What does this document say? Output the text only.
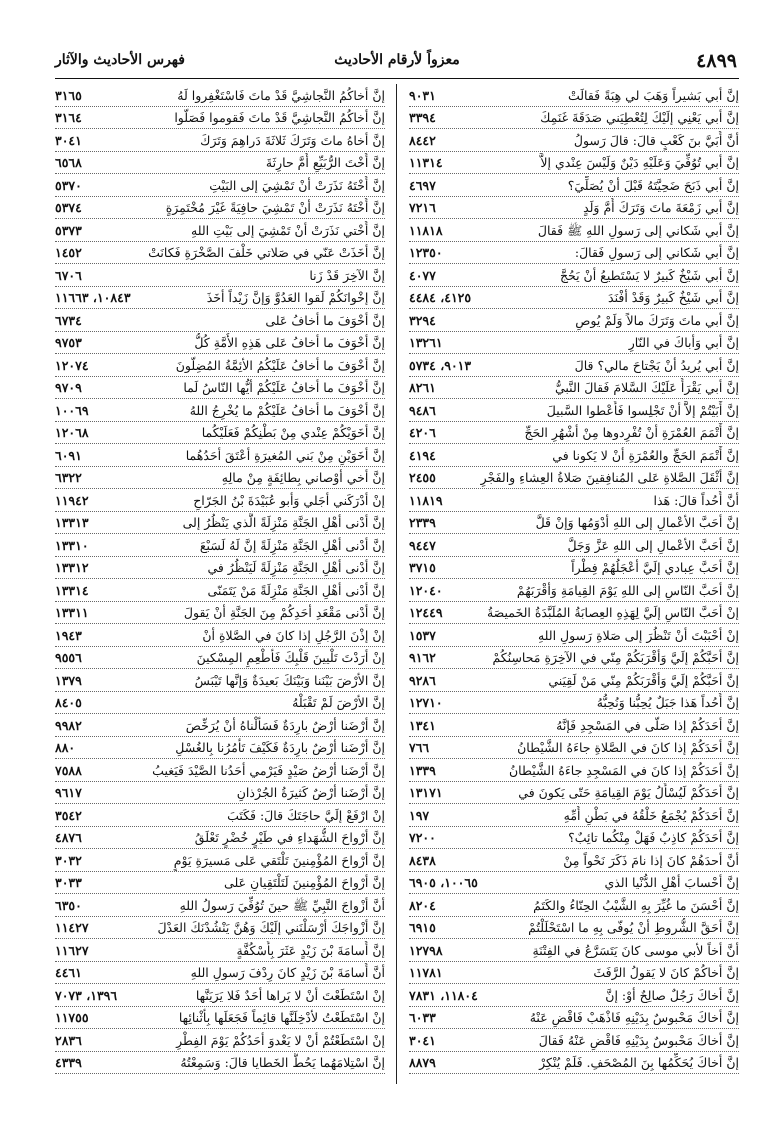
٤٨٩٩
معزواً لأرقام الأحاديث
فهرس الأحاديث والآثار
إنَّ أبي بَشيراً وَهَبَ لي هِبَةً فَقالَتْ
٩٠٣١
إنَّ أبي يَعْنِي إلَيْكَ لِتُعْطِيَني صَدَقَةَ غَنَمِكَ
٣٣٩٤
أنَّ أُبَيَّ بنَ كَعْبٍ قالَ: قالَ رَسولُ
٨٤٤٢
إنَّ أبي تُوُفِّيَ وَعَلَيْهِ دَيْنٌ وَلَيْسَ عِنْدي إلاَّ
١١٣١٤
إنَّ أبي ذَبَحَ ضَحِيَّتَهُ قَبْلَ أنْ يُصَلِّيَ؟
٤٦٩٧
إنَّ أبي زَمْعَةَ ماتَ وَتَرَكَ أُمَّ وَلَدٍ
٧٢١٦
إنَّ أبي شَكاني إلى رَسولِ اللهِ ﷺ فَقالَ
١١٨١٨
إنَّ أبي شَكاني إلى رَسولِ فَقالَ:
١٢٣٥٠
إنَّ أبي شَيْخٌ كَبيرٌ لا يَسْتَطيعُ أنْ يَحُجَّ
٤٠٧٧
إنَّ أبي شَيْخٌ كَبيرٌ وَقَدْ أفْنَدَ
٤١٢٥، ٤٤٨٤
إنَّ أبي ماتَ وَتَرَكَ مالاً وَلَمْ يُوصِ
٣٢٩٤
إنَّ أبي وَأباكَ في النّارِ
١٣٢٦١
إنَّ أبي يُريدُ أنْ يَجْتاحَ مالي؟ قالَ
٩٠١٣، ٥٧٣٤
إنَّ أبي يَقْرَأُ عَلَيْكَ السَّلامَ فَقالَ النَّبيُّ
٨٢٦١
إنَّ أَبَيْتُمْ إلاَّ أنْ تَجْلِسوا فَأَعْطوا السَّبيلَ
٩٤٨٦
إنَّ أَتْمَمَ العُمْرَةِ أنْ تُفْرِدوها مِنْ أشْهُرِ الحَجِّ
٤٢٠٦
إنَّ أَتْمَمَ الحَجِّ والعُمْرَةِ أنْ لا يَكونا في
٤١٩٤
إنَّ أثْقَلَ الصَّلاةِ عَلى المُنافِقينَ صَلاةُ العِشاءِ والفَجْرِ
٢٤٥٥
أنَّ أُحُداً قالَ: هَذا
١١٨١٩
إنَّ أحَبَّ الأعْمالِ إلى اللهِ أدْوَمُها وَإنْ قَلَّ
٢٣٣٩
إنَّ أحَبَّ الأعْمالِ إلى اللهِ عَزَّ وَجَلَّ
٩٤٤٧
إنَّ أحَبَّ عِبادي إلَيَّ أعْجَلُهُمْ فِطْراً
٣٧١٥
إنَّ أحَبَّ النّاسِ إلى اللهِ يَوْمَ القِيامَةِ وَأقْرَبَهُمْ
١٢٠٤٠
إنْ أحَبَّ النّاسِ إلَيَّ لِهَذِهِ العِصابَةُ المُلَبَّدَةُ الخَميصَةُ
١٢٤٤٩
إنْ أحْبَبْتَ أنْ تَنْظُرَ إلى صَلاةِ رَسولِ اللهِ
١٥٣٧
إنَّ أحَبَّكُمْ إلَيَّ وَأقْرَبَكُمْ مِنّي في الآخِرَةِ مَحاسِنُكُمْ
٩١٦٢
إنَّ أحَبَّكُمْ إلَيَّ وَأقْرَبَكُمْ مِنّي مَنْ لَقِيَني
٩٢٨٦
إنَّ أُحُداً هَذا جَبَلٌ يُحِبُّنا وَنُحِبُّهُ
١٢٧١٠
إنَّ أحَدَكُمْ إذا صَلّى في المَسْجِدِ فَإنَّهُ
١٣٤١
إنَّ أحَدَكُمْ إذا كانَ في الصَّلاةِ جاءَهُ الشَّيْطانُ
٧٦٦
إنَّ أحَدَكُمْ إذا كانَ في المَسْجِدِ جاءَهُ الشَّيْطانُ
١٣٣٩
إنَّ أحَدَكُمْ لَيُسْأَلُ يَوْمَ القِيامَةِ حَتّى يَكونَ في
١٣١٧١
إنَّ أحَدَكُمْ يُجْمَعُ خَلْقُهُ في بَطْنِ أُمِّهِ
١٩٧
إنَّ أحَدَكُمْ كاذِبٌ فَهَلْ مِنْكُما تائِبٌ؟
٧٢٠٠
أنَّ أحدَهُمْ كانَ إذا نامَ ذَكَرَ نَحْواً مِنْ
٨٤٣٨
إنَّ أحْسابَ أهْلِ الدُّنْيا الذي
١٠٠٦٥، ٦٩٠٥
إنَّ أحْسَنَ ما غُيِّرَ بِهِ الشَّيْبُ الحِنّاءُ والكَتَمُ
٨٢٠٤
إنَّ أحَقَّ الشُّروطِ أنْ يُوفّى بِهِ ما اسْتَحْلَلْتُمْ
٦٩١٥
أنَّ أخاً لأبي موسى كانَ يَتَسَرَّعُ في الفِتْنَةِ
١٢٧٩٨
إنَّ أخاكُمْ كانَ لا يَقولُ الرَّفَثَ
١١٧٨١
إنَّ أخاكَ رَجُلٌ صالِحٌ أوْ: إنَّ
١١٨٠٤، ٧٨٣١
إنَّ أخاكَ مَحْبوسٌ بِدَيْنِهِ فَاذْهَبْ فَاقْضِ عَنْهُ
٦٠٣٣
إنَّ أخاكَ مَحْبوسٌ بِدَيْنِهِ فَاقْضِ عَنْهُ فَقالَ
٣٠٤١
إنَّ أخاكَ يُحَكِّمُها بِنَ المُصْحَفِ. فَلَمْ يُنْكِرْ
٨٨٧٩
إنَّ أخاكُمُ النَّجاشِيَّ قَدْ ماتَ فَاسْتَغْفِروا لَهُ
٣١٦٥
إنَّ أخاكُمُ النَّجاشِيَّ قَدْ ماتَ فَقوموا فَصَلّوا
٣١٦٤
إنَّ أخاهُ ماتَ وَتَرَكَ ثَلاثَةَ دَراهِمَ وَتَرَكَ
٣٠٤١
إنَّ أُخْتَ الرُّبَيِّعِ أُمَّ حارِثَةَ
٦٥٦٨
إنَّ أُخْتَهُ نَذَرَتْ أنْ تَمْشِيَ إلى البَيْتِ
٥٣٧٠
إنَّ أُخْتَهُ نَذَرَتْ أنْ تَمْشِيَ حافِيَةً غَيْرَ مُخْتَمِرَةٍ
٥٣٧٤
إنَّ أُخْتي نَذَرَتْ أنْ تَمْشِيَ إلى بَيْتِ اللهِ
٥٣٧٣
إنَّ أخَذَتْ عَنّي في صَلاتي خَلْفَ الصَّخْرَةِ فَكانَتْ
١٤٥٢
إنَّ الآخِرَ قَدْ زَنا
٦٧٠٦
إنَّ إخْوانَكُمْ لَقوا العَدُوَّ وَإنَّ زَيْداً أخَذَ
١٠٨٤٣، ١١٦٦٣
إنَّ أخْوَفَ ما أخافُ عَلى
٦٧٣٤
إنَّ أخْوَفَ ما أخافُ عَلى هَذِهِ الأُمَّةِ كُلُّ
٩٧٥٣
إنَّ أخْوَفَ ما أخافُ عَلَيْكُمُ الأئِمَّةُ المُضِلّونَ
١٢٠٧٤
إنَّ أخْوَفَ ما أخافُ عَلَيْكُمْ أيُّها النّاسُ لَما
٩٧٠٩
إنَّ أخْوَفَ ما أخافُ عَلَيْكُمْ ما يُخْرِجُ اللهُ
١٠٠٦٩
إنَّ أخَوَيْكُمْ عِنْدي مِنْ بَطْنِكُمْ فَعَلَيْكُما
١٢٠٦٨
إنَّ أخَوَيْنِ مِنْ بَني المُغيرَةِ أعْتَقَ أحَدُهُما
٦٠٩١
إنَّ أخي أوْصاني بِطائِفَةٍ مِنْ مالِهِ
٦٣٢٢
إنْ أدْرَكَني أجَلي وَأبو عُبَيْدَةَ بْنُ الجَرّاحِ
١١٩٤٢
إنَّ أدْنى أهْلِ الجَنَّةِ مَنْزِلَةً الَّذي يَنْظُرُ إلى
١٣٣١٣
إنَّ أدْنى أهْلِ الجَنَّةِ مَنْزِلَةً إنَّ لَهُ لَسَبْعَ
١٣٣١٠
إنَّ أدْنى أهْلِ الجَنَّةِ مَنْزِلَةً لَيَنْظُرُ في
١٣٣١٢
إنَّ أدْنى أهْلِ الجَنَّةِ مَنْزِلَةً مَنْ يَتَمَنّى
١٣٣١٤
إنَّ أدْنى مَقْعَدِ أحَدِكُمْ مِنَ الجَنَّةِ أنْ يَقولَ
١٣٣١١
إنْ إذْنَ الرَّجُلِ إذا كانَ في الصَّلاةِ أنْ
١٩٤٣
إنْ أرَدْتَ تَلْيينَ قَلْبِكَ فَأطْعِمِ المِسْكينَ
٩٥٥٦
إنَّ الأرْضَ بَيْنَنا وَبَيْنَكَ بَعيدَةٌ وَإنَّها تَيْبَسُ
١٣٧٩
إنَّ الأرْضَ لَمْ تَقْبَلْهُ
٨٤٠٥
إنَّ أرْضَنا أرْضٌ بارِدَةٌ فَسَألْناهُ أنْ يُرَخِّصَ
٩٩٨٢
إنَّ أرْضَنا أرْضٌ بارِدَةٌ فَكَيْفَ تَأْمُرُنا بِالغُسْلِ
٨٨٠
إنَّ أرْضَنا أرْضُ صَيْدٍ فَيَرْمي أحَدُنا الصَّيْدَ فَيَغيبُ
٧٥٨٨
إنَّ أرْضَنا أرْضٌ كَثيرَةُ الجُرْذانِ
٩٦١٧
إنْ ارْفَعْ إلَيَّ حاجَتَكَ قالَ: فَكَتَبَ
٣٥٤٢
إنَّ أرْواحَ الشُّهَداءِ في طَيْرٍ خُضْرٍ تَعْلَقُ
٤٨٧٦
إنَّ أرْواحَ المُؤْمِنينَ تَلْتَقي عَلى مَسيرَةِ يَوْمٍ
٣٠٣٢
إنَّ أرْواحَ المُؤْمِنينَ لَتَلْتَقِيانِ عَلى
٣٠٣٣
أنَّ أزْواجَ النَّبِيِّ ﷺ حينَ تُوُفِّيَ رَسولُ اللهِ
٦٣٥٠
إنَّ أزْواجَكَ أرْسَلْنَني إلَيْكَ وَهُنَّ يَنْشُدْنَكَ العَدْلَ
١١٤٢٧
إنَّ أُسامَةَ بْنَ زَيْدٍ عَثَرَ بِأُسْكُفَّةٍ
١١٦٢٧
أنَّ أُسامَةَ بْنَ زَيْدٍ كانَ رِدْفَ رَسولِ اللهِ
٤٤٦١
إنْ اسْتَطَعْتَ أنْ لا يَراها أحَدٌ فَلا يَرَيَنَّها
١٣٩٦، ٧٠٧٣
إنْ اسْتَطَعْتُ لأدْخِلَنَّها قائِماً فَجَعَلَها بِأثْنائِها
١١٧٥٥
إنْ اسْتَطَعْتُمْ أنْ لا يَغْدوَ أحَدُكُمْ يَوْمَ الفِطْرِ
٢٨٣٦
إنَّ اسْتِلامَهُما يَحُطُّ الخَطايا قالَ: وَسَمِعْتُهُ
٤٣٣٩
